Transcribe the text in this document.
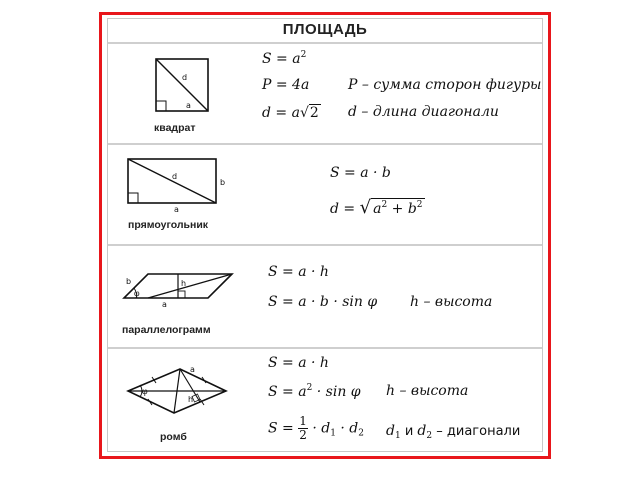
ПЛОЩАДЬ
d
a
квадрат
$S = a^2$
P = 4a	P – сумма сторон фигуры
d = a√2 d – длина диагонали
d
b
a
прямоугольник
S = a · b
d = √ $a^2 + b^2$
b
φ
h
a
параллелограмм
S = a · h
S = a · b · sin φ h – высота
a
φ
h
ромб
S = a · h
$S = a^2 \cdot \sin \varphi$ h – высота
$S = \frac{1}{2} \cdot d_1 \cdot d_2$ $d_1$ и $d_2$ – диагонали
